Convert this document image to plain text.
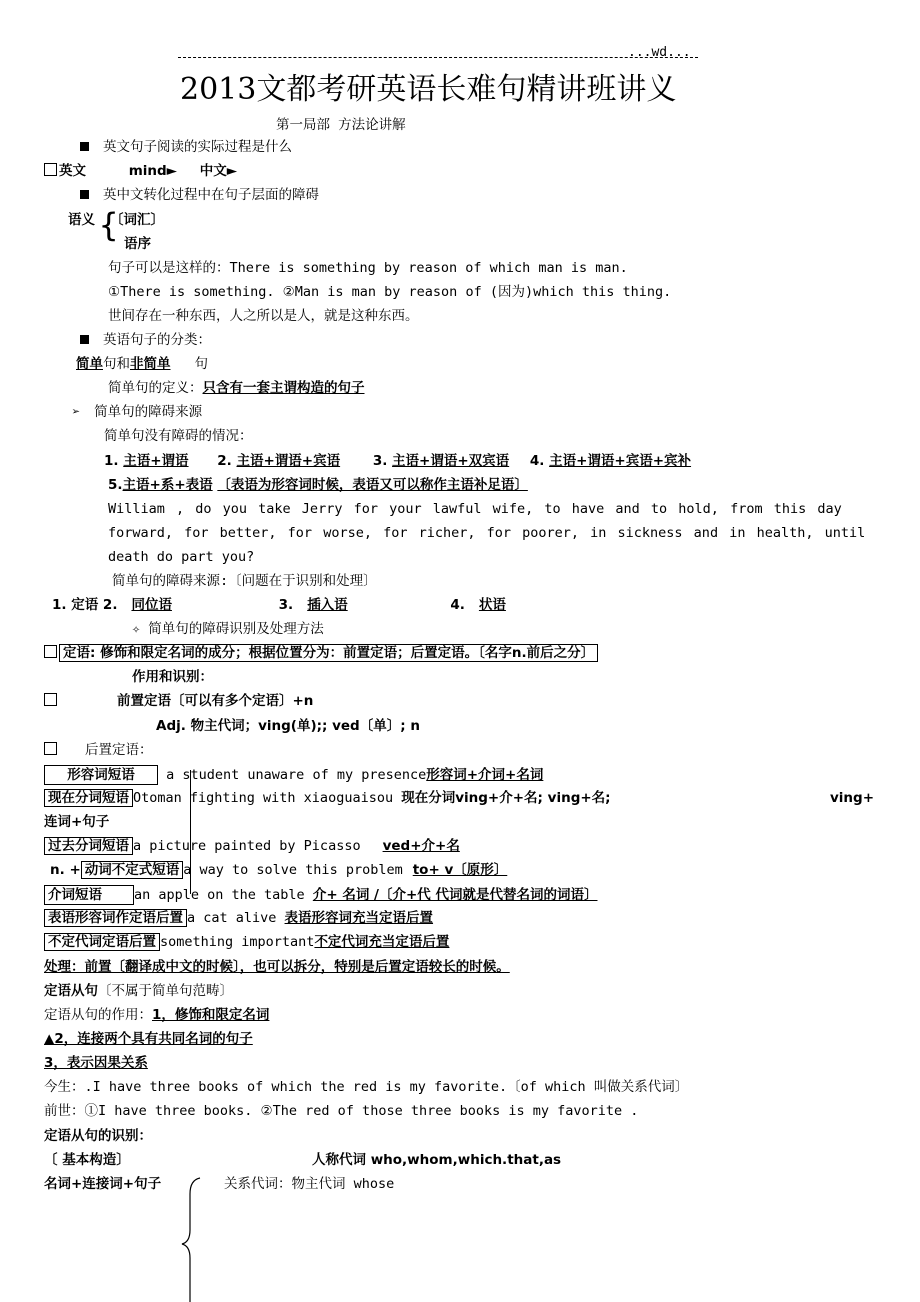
...wd...
2013文都考研英语长难句精讲班讲义
第一局部 方法论讲解
英文句子阅读的实际过程是什么
英文	mind► 中文►
英中文转化过程中在句子层面的障碍
语义 {
〔词汇〕
语序
句子可以是这样的：There is something by reason of which man is man.
①There is something. ②Man is man by reason of (因为)which this thing.
世间存在一种东西，人之所以是人，就是这种东西。
英语句子的分类：
简单句和非简单 句
简单句的定义：只含有一套主谓构造的句子
➢ 简单句的障碍来源
简单句没有障碍的情况：
1. 主语+谓语 2. 主语+谓语+宾语 3. 主语+谓语+双宾语 4. 主语+谓语+宾语+宾补
5.主语+系+表语 〔表语为形容词时候，表语又可以称作主语补足语〕
William , do you take Jerry for your lawful wife, to have and to hold, from this day
forward, for better, for worse, for richer, for poorer, in sickness and in health, until
death do part you?
简单句的障碍来源:〔问题在于识别和处理〕
1. 定语 2. 同位语	3. 插入语	4. 状语
✧ 简单句的障碍识别及处理方法
定语: 修饰和限定名词的成分；根据位置分为：前置定语；后置定语。〔名字n.前后之分〕
作用和识别：
前置定语〔可以有多个定语〕+n
Adj. 物主代词；ving(单);; ved〔单〕; n
后置定语：
形容词短语 a student unaware of my presence形容词+介词+名词
现在分词短语 Otoman fighting with xiaoguaisou 现在分词ving+介+名; ving+名;	ving+
连词+句子
过去分词短语 a picture painted by Picasso ved+介+名
n. + 动词不定式短语 a way to solve this problem to+ v〔原形〕
介词短语 an apple on the table 介+ 名词 /〔介+代 代词就是代替名词的词语〕
表语形容词作定语后置 a cat alive 表语形容词充当定语后置
不定代词定语后置 something important不定代词充当定语后置
处理：前置〔翻译成中文的时候〕，也可以拆分，特别是后置定语较长的时候。
定语从句〔不属于简单句范畴〕
定语从句的作用：1，修饰和限定名词
▲2，连接两个具有共同名词的句子
3，表示因果关系
今生：.I have three books of which the red is my favorite.〔of which 叫做关系代词〕
前世：①I have three books. ②The red of those three books is my favorite .
定语从句的识别：
〔 基本构造〕	人称代词 who,whom,which.that,as
名词+连接词+句子	关系代词：物主代词 whose
